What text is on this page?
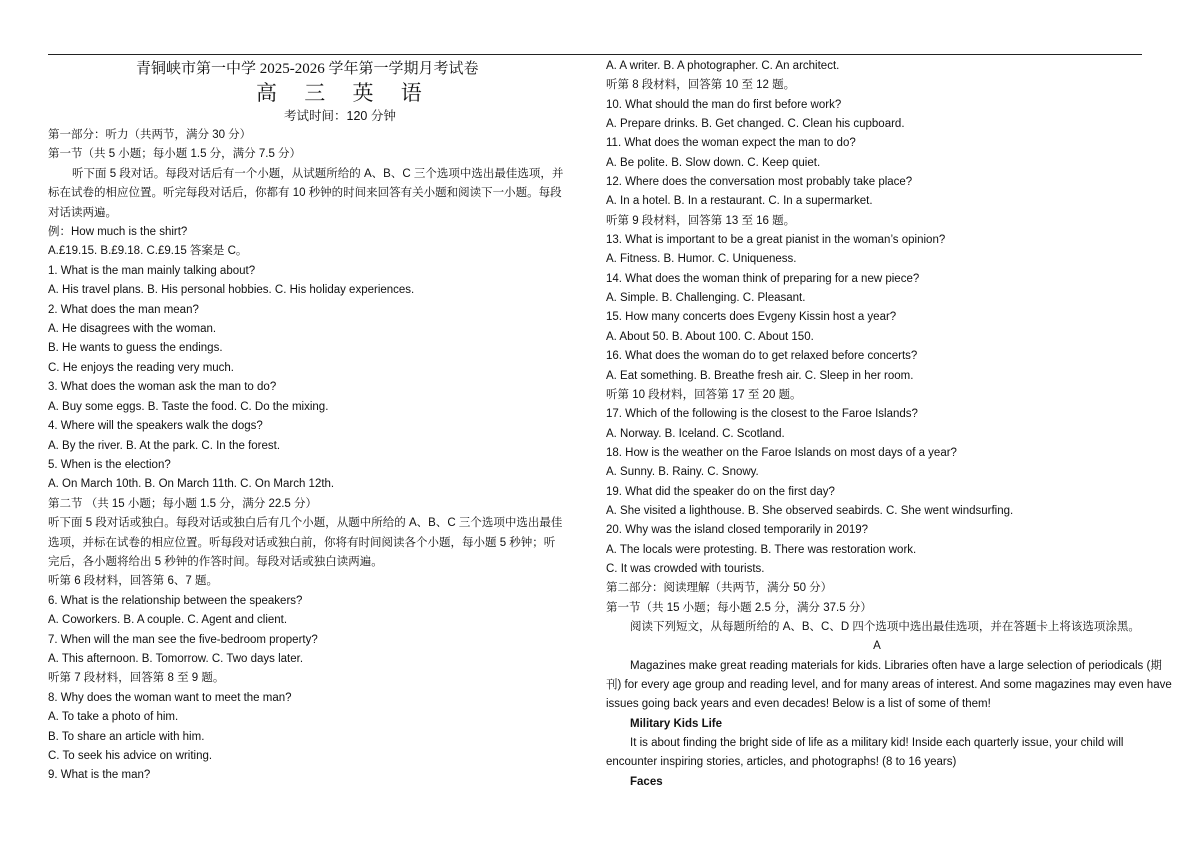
青铜峡市第一中学 2025-2026 学年第一学期月考试卷
高 三 英 语
考试时间：120 分钟
第一部分：听力（共两节，满分 30 分）
第一节（共 5 小题；每小题 1.5 分，满分 7.5 分）
听下面 5 段对话。每段对话后有一个小题，从试题所给的 A、B、C 三个选项中选出最佳选项，并
标在试卷的相应位置。听完每段对话后，你都有 10 秒钟的时间来回答有关小题和阅读下一小题。每段
对话读两遍。
例：How much is the shirt?
A.£19.15. B.£9.18. C.£9.15 答案是 C。
1. What is the man mainly talking about?
A. His travel plans. B. His personal hobbies. C. His holiday experiences.
2. What does the man mean?
A. He disagrees with the woman.
B. He wants to guess the endings.
C. He enjoys the reading very much.
3. What does the woman ask the man to do?
A. Buy some eggs. B. Taste the food. C. Do the mixing.
4. Where will the speakers walk the dogs?
A. By the river. B. At the park. C. In the forest.
5. When is the election?
A. On March 10th. B. On March 11th. C. On March 12th.
第二节 （共 15 小题；每小题 1.5 分，满分 22.5 分）
听下面 5 段对话或独白。每段对话或独白后有几个小题，从题中所给的 A、B、C 三个选项中选出最佳
选项，并标在试卷的相应位置。听每段对话或独白前，你将有时间阅读各个小题，每小题 5 秒钟；听
完后，各小题将给出 5 秒钟的作答时间。每段对话或独白读两遍。
听第 6 段材料，回答第 6、7 题。
6. What is the relationship between the speakers?
A. Coworkers. B. A couple. C. Agent and client.
7. When will the man see the five-bedroom property?
A. This afternoon. B. Tomorrow. C. Two days later.
听第 7 段材料，回答第 8 至 9 题。
8. Why does the woman want to meet the man?
A. To take a photo of him.
B. To share an article with him.
C. To seek his advice on writing.
9. What is the man?
A. A writer. B. A photographer. C. An architect.
听第 8 段材料，回答第 10 至 12 题。
10. What should the man do first before work?
A. Prepare drinks. B. Get changed. C. Clean his cupboard.
11. What does the woman expect the man to do?
A. Be polite. B. Slow down. C. Keep quiet.
12. Where does the conversation most probably take place?
A. In a hotel. B. In a restaurant. C. In a supermarket.
听第 9 段材料，回答第 13 至 16 题。
13. What is important to be a great pianist in the woman’s opinion?
A. Fitness. B. Humor. C. Uniqueness.
14. What does the woman think of preparing for a new piece?
A. Simple. B. Challenging. C. Pleasant.
15. How many concerts does Evgeny Kissin host a year?
A. About 50. B. About 100. C. About 150.
16. What does the woman do to get relaxed before concerts?
A. Eat something. B. Breathe fresh air. C. Sleep in her room.
听第 10 段材料，回答第 17 至 20 题。
17. Which of the following is the closest to the Faroe Islands?
A. Norway. B. Iceland. C. Scotland.
18. How is the weather on the Faroe Islands on most days of a year?
A. Sunny. B. Rainy. C. Snowy.
19. What did the speaker do on the first day?
A. She visited a lighthouse. B. She observed seabirds. C. She went windsurfing.
20. Why was the island closed temporarily in 2019?
A. The locals were protesting. B. There was restoration work.
C. It was crowded with tourists.
第二部分：阅读理解（共两节，满分 50 分）
第一节（共 15 小题；每小题 2.5 分，满分 37.5 分）
阅读下列短文，从每题所给的 A、B、C、D 四个选项中选出最佳选项，并在答题卡上将该选项涂黑。
A
Magazines make great reading materials for kids. Libraries often have a large selection of periodicals (期
刊) for every age group and reading level, and for many areas of interest. And some magazines may even have
issues going back years and even decades! Below is a list of some of them!
Military Kids Life
It is about finding the bright side of life as a military kid! Inside each quarterly issue, your child will
encounter inspiring stories, articles, and photographs! (8 to 16 years)
Faces
